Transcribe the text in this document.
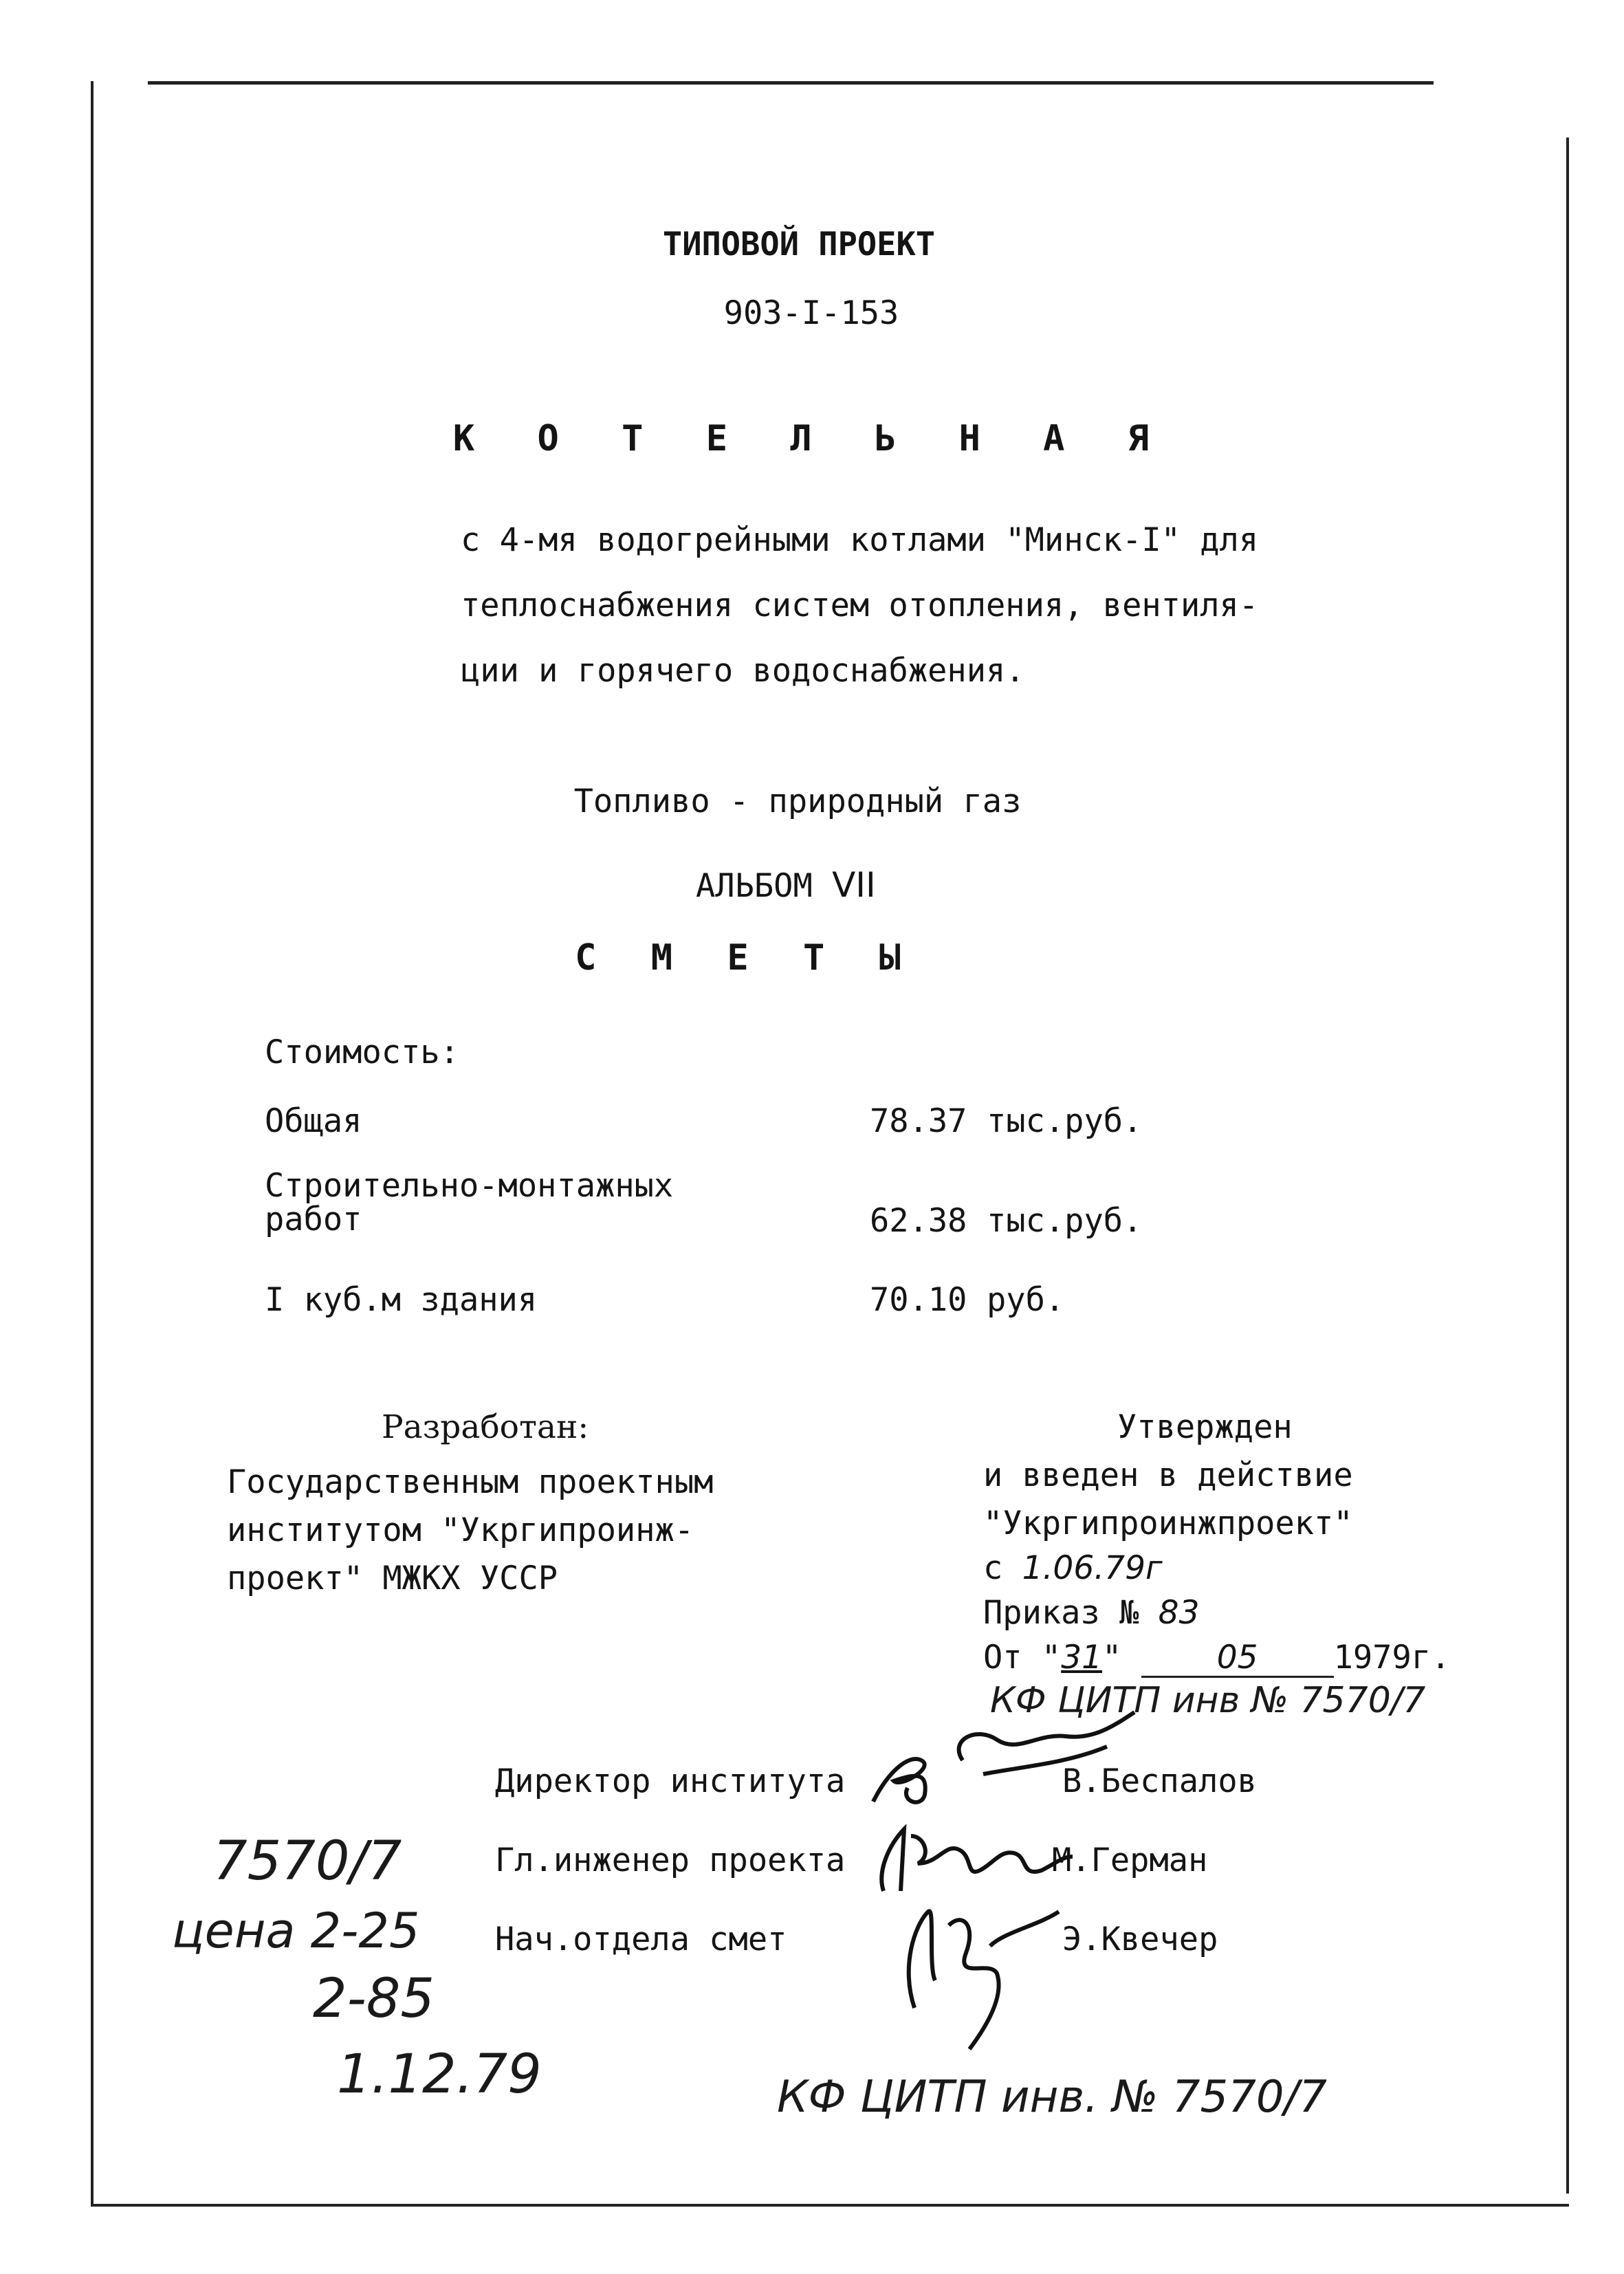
ТИПОВОЙ ПРОЕКТ
903-I-153
К О Т Е Л Ь Н А Я
с 4-мя водогрейными котлами "Минск-I" для
теплоснабжения систем отопления, вентиля-
ции и горячего водоснабжения.
Топливо - природный газ
АЛЬБОМ VII
С М Е Т Ы
Стоимость:
Общая	78.37 тыс.руб.
Строительно-монтажных
работ	62.38 тыс.руб.
I куб.м здания	70.10 руб.
Разработан:
Государственным проектным
институтом "Укргипроинж-
проект" МЖКХ УССР
Утвержден
и введен в действие
"Укргипроинжпроект"
с 1.06.79г
Приказ № 83
От "31"	05 1979г.
КФ ЦИТП инв № 7570/7
Директор института	В.Беспалов
Гл.инженер проекта	М.Герман
Нач.отдела смет	Э.Квечер
7570/7
цена 2-25
2-85
1.12.79	КФ ЦИТП инв. № 7570/7
